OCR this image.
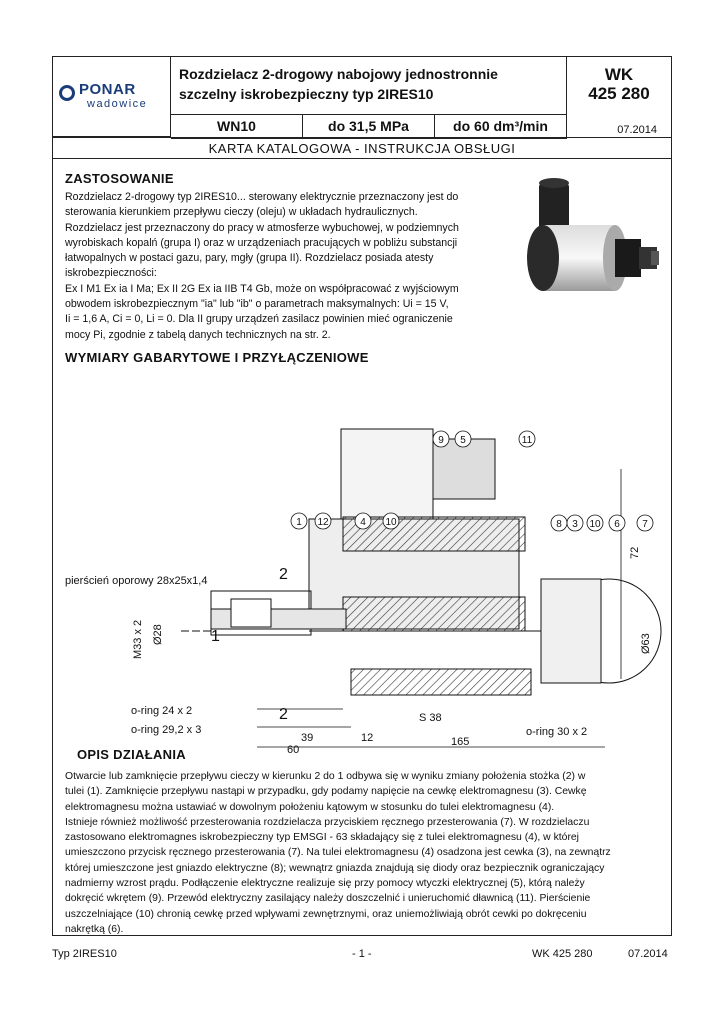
PONAR
wadowice
Rozdzielacz 2-drogowy nabojowy jednostronnie
szczelny iskrobezpieczny typ 2IRES10
WK
425 280
WN10	do 31,5 MPa	do 60 dm³/min	07.2014
KARTA KATALOGOWA - INSTRUKCJA OBSŁUGI
ZASTOSOWANIE
Rozdzielacz 2-drogowy typ 2IRES10... sterowany elektrycznie przeznaczony jest do
sterowania kierunkiem przepływu cieczy (oleju) w układach hydraulicznych.
Rozdzielacz jest przeznaczony do pracy w atmosferze wybuchowej, w podziemnych
wyrobiskach kopalń (grupa I) oraz w urządzeniach pracujących w pobliżu substancji
łatwopalnych w postaci gazu, pary, mgły (grupa II). Rozdzielacz posiada atesty
iskrobezpieczności:
Ex I M1 Ex ia I Ma; Ex II 2G Ex ia IIB T4 Gb, może on współpracować z wyjściowym
obwodem iskrobezpiecznym "ia" lub "ib" o parametrach maksymalnych: Ui = 15 V,
Ii = 1,6 A, Ci = 0, Li = 0. Dla II grupy urządzeń zasilacz powinien mieć ograniczenie
mocy Pi, zgodnie z tabelą danych technicznych na str. 2.
WYMIARY GABARYTOWE I PRZYŁĄCZENIOWE
pierścień oporowy 28x25x1,4
o-ring 24 x 2
o-ring 29,2 x 3	o-ring 30 x 2
M33 x 2 Ø28	Ø63
72
1
2
2
39	12
S 38
165
9 5	11
1 12	4 10	8 3 10 6 7
60
OPIS DZIAŁANIA
Otwarcie lub zamknięcie przepływu cieczy w kierunku 2 do 1 odbywa się w wyniku zmiany położenia stożka (2) w
tulei (1). Zamknięcie przepływu nastąpi w przypadku, gdy podamy napięcie na cewkę elektromagnesu (3). Cewkę
elektromagnesu można ustawiać w dowolnym położeniu kątowym w stosunku do tulei elektromagnesu (4).
Istnieje również możliwość przesterowania rozdzielacza przyciskiem ręcznego przesterowania (7). W rozdzielaczu
zastosowano elektromagnes iskrobezpieczny typ EMSGI - 63 składający się z tulei elektromagnesu (4), w której
umieszczono przycisk ręcznego przesterowania (7). Na tulei elektromagnesu (4) osadzona jest cewka (3), na zewnątrz
której umieszczone jest gniazdo elektryczne (8); wewnątrz gniazda znajdują się diody oraz bezpiecznik ograniczający
nadmierny wzrost prądu. Podłączenie elektryczne realizuje się przy pomocy wtyczki elektrycznej (5), którą należy
dokręcić wkrętem (9). Przewód elektryczny zasilający należy doszczelnić i unieruchomić dławnicą (11). Pierścienie
uszczelniające (10) chronią cewkę przed wpływami zewnętrznymi, oraz uniemożliwiają obrót cewki po dokręceniu
nakrętką (6).
Typ 2IRES10	- 1 -	WK 425 280	07.2014
